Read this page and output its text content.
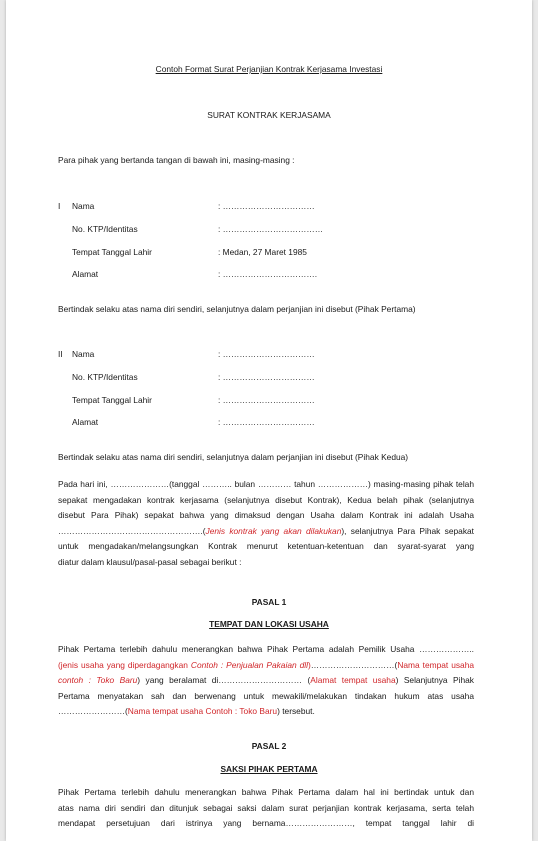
Contoh Format Surat Perjanjian Kontrak Kerjasama Investasi
SURAT KONTRAK KERJASAMA
Para pihak yang bertanda tangan di bawah ini, masing-masing :
I Nama	: ……………………………
No. KTP/Identitas	: ………………………………
Tempat Tanggal Lahir	: Medan, 27 Maret 1985
Alamat	: …………………………….
Bertindak selaku atas nama diri sendiri, selanjutnya dalam perjanjian ini disebut (Pihak Pertama)
II Nama	: ……………………………
No. KTP/Identitas	: ……………………………
Tempat Tanggal Lahir	: ……………………………
Alamat	: ……………………………
Bertindak selaku atas nama diri sendiri, selanjutnya dalam perjanjian ini disebut (Pihak Kedua)
Pada hari ini, …………………(tanggal ……….. bulan ………… tahun ………………) masing-masing pihak telah
sepakat mengadakan kontrak kerjasama (selanjutnya disebut Kontrak), Kedua belah pihak (selanjutnya
disebut Para Pihak) sepakat bahwa yang dimaksud dengan Usaha dalam Kontrak ini adalah Usaha
…………………………………………….(Jenis kontrak yang akan dilakukan), selanjutnya Para Pihak sepakat
untuk mengadakan/melangsungkan Kontrak menurut ketentuan-ketentuan dan syarat-syarat yang
diatur dalam klausul/pasal-pasal sebagai berikut :
PASAL 1
TEMPAT DAN LOKASI USAHA
Pihak Pertama terlebih dahulu menerangkan bahwa Pihak Pertama adalah Pemilik Usaha ………………..
(jenis usaha yang diperdagangkan Contoh : Penjualan Pakaian dll)…………………………(Nama tempat usaha
contoh : Toko Baru) yang beralamat di………………………… (Alamat tempat usaha) Selanjutnya Pihak
Pertama menyatakan sah dan berwenang untuk mewakili/melakukan tindakan hukum atas usaha
……………………(Nama tempat usaha Contoh : Toko Baru) tersebut.
PASAL 2
SAKSI PIHAK PERTAMA
Pihak Pertama terlebih dahulu menerangkan bahwa Pihak Pertama dalam hal ini bertindak untuk dan
atas nama diri sendiri dan ditunjuk sebagai saksi dalam surat perjanjian kontrak kerjasama, serta telah
mendapat persetujuan dari istrinya yang bernama……………………, tempat tanggal lahir di
